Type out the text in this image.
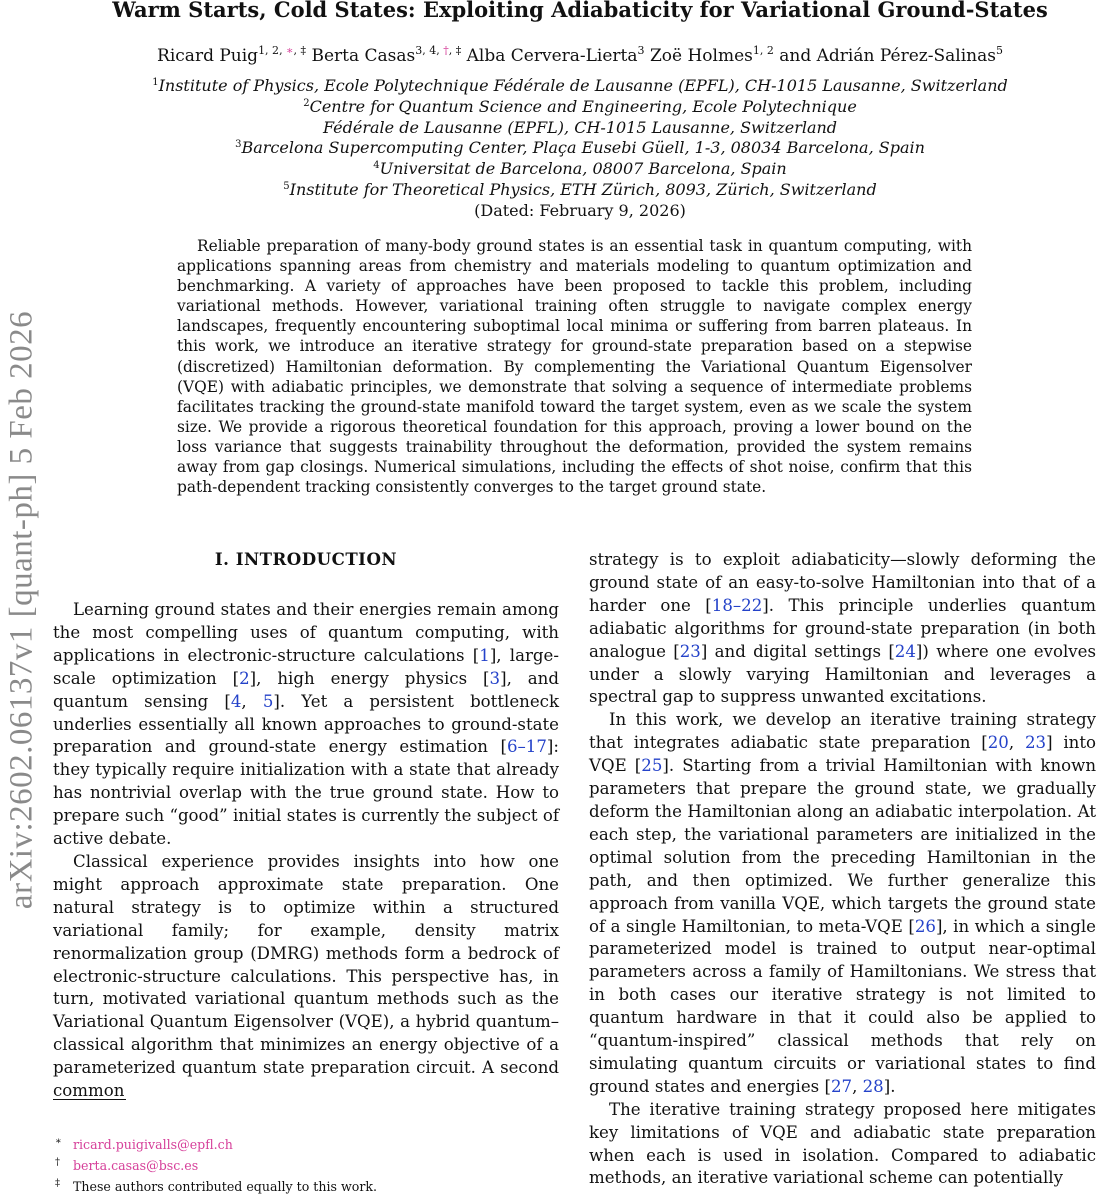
arXiv:2602.06137v1 [quant-ph] 5 Feb 2026
Warm Starts, Cold States: Exploiting Adiabaticity for Variational Ground-States
Ricard Puig$^{1, 2, ∗, \ddagger}$ Berta Casas$^{3, 4, \dagger, \ddagger}$ Alba Cervera-Lierta$^3$ Zoë Holmes$^{1, 2}$ and Adrián Pérez-Salinas$^5$
$^1$Institute of Physics, Ecole Polytechnique Fédérale de Lausanne (EPFL), CH-1015 Lausanne, Switzerland
$^2$Centre for Quantum Science and Engineering, Ecole Polytechnique
Fédérale de Lausanne (EPFL), CH-1015 Lausanne, Switzerland
$^3$Barcelona Supercomputing Center, Plaça Eusebi Güell, 1-3, 08034 Barcelona, Spain
$^4$Universitat de Barcelona, 08007 Barcelona, Spain
$^5$Institute for Theoretical Physics, ETH Zürich, 8093, Zürich, Switzerland
(Dated: February 9, 2026)

Reliable preparation of many-body ground states is an essential task in quantum computing, with applications spanning areas from chemistry and materials modeling to quantum optimization and benchmarking. A variety of approaches have been proposed to tackle this problem, including variational methods. However, variational training often struggle to navigate complex energy landscapes, frequently encountering suboptimal local minima or suffering from barren plateaus. In this work, we introduce an iterative strategy for ground-state preparation based on a stepwise (discretized) Hamiltonian deformation. By complementing the Variational Quantum Eigensolver (VQE) with adiabatic principles, we demonstrate that solving a sequence of intermediate problems facilitates tracking the ground-state manifold toward the target system, even as we scale the system size. We provide a rigorous theoretical foundation for this approach, proving a lower bound on the loss variance that suggests trainability throughout the deformation, provided the system remains away from gap closings. Numerical simulations, including the effects of shot noise, confirm that this path-dependent tracking consistently converges to the target ground state.

I. INTRODUCTION

Learning ground states and their energies remain among the most compelling uses of quantum computing, with applications in electronic-structure calculations [1], large-scale optimization [2], high energy physics [3], and quantum sensing [4, 5]. Yet a persistent bottleneck underlies essentially all known approaches to ground-state preparation and ground-state energy estimation [6–17]: they typically require initialization with a state that already has nontrivial overlap with the true ground state. How to prepare such “good” initial states is currently the subject of active debate.

Classical experience provides insights into how one might approach approximate state preparation. One natural strategy is to optimize within a structured variational family; for example, density matrix renormalization group (DMRG) methods form a bedrock of electronic-structure calculations. This perspective has, in turn, motivated variational quantum methods such as the Variational Quantum Eigensolver (VQE), a hybrid quantum–classical algorithm that minimizes an energy objective of a parameterized quantum state preparation circuit. A second common

strategy is to exploit adiabaticity—slowly deforming the ground state of an easy-to-solve Hamiltonian into that of a harder one [18–22]. This principle underlies quantum adiabatic algorithms for ground-state preparation (in both analogue [23] and digital settings [24]) where one evolves under a slowly varying Hamiltonian and leverages a spectral gap to suppress unwanted excitations.

In this work, we develop an iterative training strategy that integrates adiabatic state preparation [20, 23] into VQE [25]. Starting from a trivial Hamiltonian with known parameters that prepare the ground state, we gradually deform the Hamiltonian along an adiabatic interpolation. At each step, the variational parameters are initialized in the optimal solution from the preceding Hamiltonian in the path, and then optimized. We further generalize this approach from vanilla VQE, which targets the ground state of a single Hamiltonian, to meta-VQE [26], in which a single parameterized model is trained to output near-optimal parameters across a family of Hamiltonians. We stress that in both cases our iterative strategy is not limited to quantum hardware in that it could also be applied to “quantum-inspired” classical methods that rely on simulating quantum circuits or variational states to find ground states and energies [27, 28].

The iterative training strategy proposed here mitigates key limitations of VQE and adiabatic state preparation when each is used in isolation. Compared to adiabatic methods, an iterative variational scheme can potentially

∗ ricard.puigivalls@epfl.ch
† berta.casas@bsc.es
‡ These authors contributed equally to this work.
